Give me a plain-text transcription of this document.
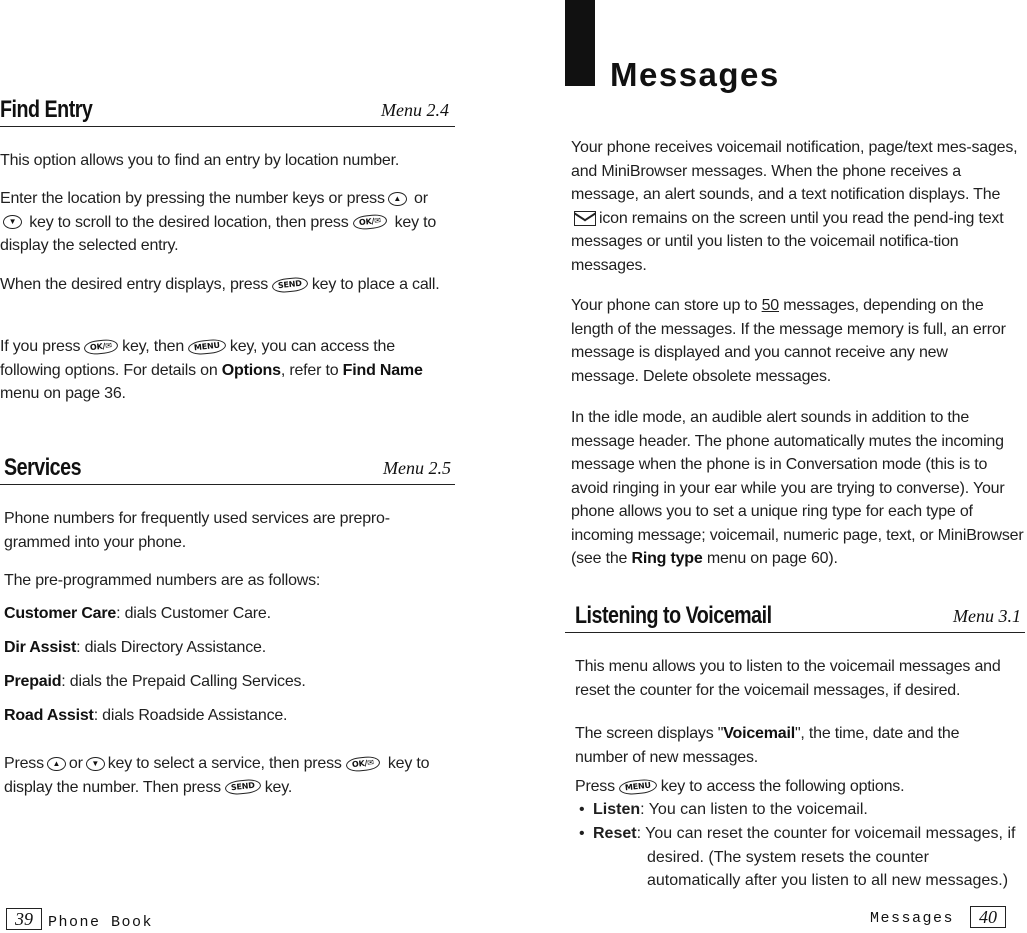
Find Entry	Menu 2.4
This option allows you to find an entry by location number.
Enter the location by pressing the number keys or press ▲ or▼ key to scroll to the desired location, then press OK/✉ key to display the selected entry.
When the desired entry displays, press SEND key to place a call.
If you press OK/✉ key, then MENU key, you can access the following options. For details on Options, refer to Find Name menu on page 36.
Services	Menu 2.5
Phone numbers for frequently used services are prepro-grammed into your phone.
The pre-programmed numbers are as follows:
Customer Care: dials Customer Care.
Dir Assist: dials Directory Assistance.
Prepaid: dials the Prepaid Calling Services.
Road Assist: dials Roadside Assistance.
Press ▲ or ▼ key to select a service, then press OK/✉ key to display the number. Then press SEND key.
39	Phone Book
Messages
Your phone receives voicemail notification, page/text mes-sages, and MiniBrowser messages. When the phone receives a message, an alert sounds, and a text notification displays. Theicon remains on the screen until you read the pend-ing text messages or until you listen to the voicemail notifica-tion messages.
Your phone can store up to 50 messages, depending on the length of the messages. If the message memory is full, an error message is displayed and you cannot receive any new message. Delete obsolete messages.
In the idle mode, an audible alert sounds in addition to the message header. The phone automatically mutes the incoming message when the phone is in Conversation mode (this is to avoid ringing in your ear while you are trying to converse). Your phone allows you to set a unique ring type for each type of incoming message; voicemail, numeric page, text, or MiniBrowser (see the Ring type menu on page 60).
Listening to Voicemail	Menu 3.1
This menu allows you to listen to the voicemail messages and reset the counter for the voicemail messages, if desired.
The screen displays "Voicemail", the time, date and the number of new messages.
Press MENU key to access the following options.
• Listen: You can listen to the voicemail.
• Reset: You can reset the counter for voicemail messages, if desired. (The system resets the counter automatically after you listen to all new messages.)
Messages	40
